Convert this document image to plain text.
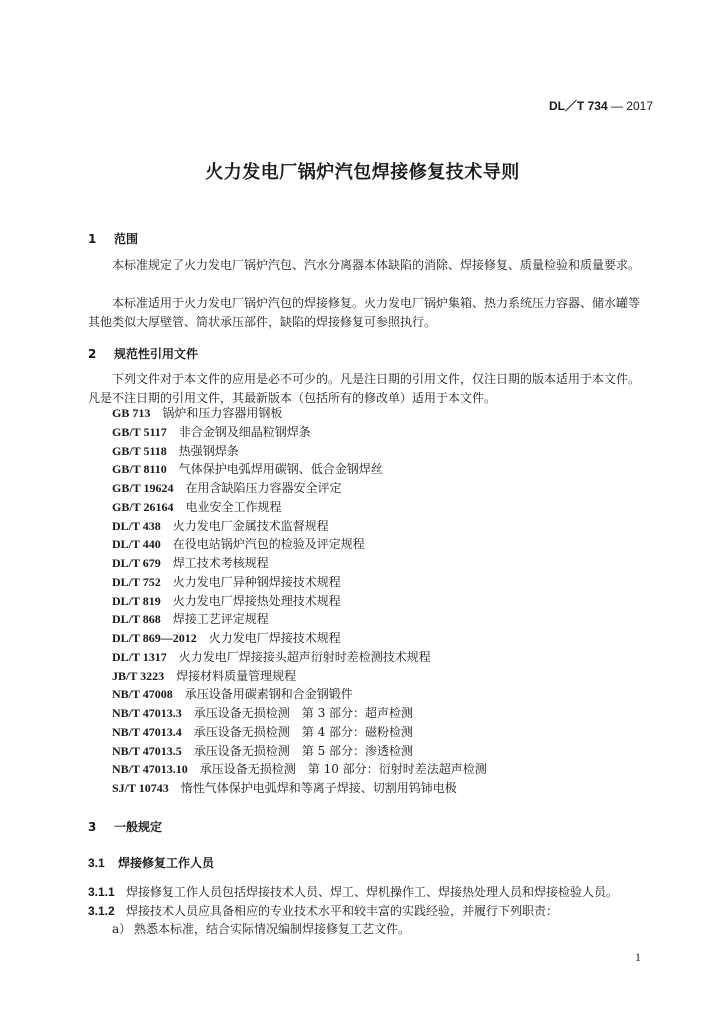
DL／T 734 — 2017
火力发电厂锅炉汽包焊接修复技术导则
1 范围
本标准规定了火力发电厂锅炉汽包、汽水分离器本体缺陷的消除、焊接修复、质量检验和质量要求。
本标准适用于火力发电厂锅炉汽包的焊接修复。火力发电厂锅炉集箱、热力系统压力容器、储水罐等其他类似大厚壁管、筒状承压部件，缺陷的焊接修复可参照执行。
2 规范性引用文件
下列文件对于本文件的应用是必不可少的。凡是注日期的引用文件，仅注日期的版本适用于本文件。凡是不注日期的引用文件，其最新版本（包括所有的修改单）适用于本文件。
GB 713 锅炉和压力容器用钢板
GB/T 5117 非合金钢及细晶粒钢焊条
GB/T 5118 热强钢焊条
GB/T 8110 气体保护电弧焊用碳钢、低合金钢焊丝
GB/T 19624 在用含缺陷压力容器安全评定
GB/T 26164 电业安全工作规程
DL/T 438 火力发电厂金属技术监督规程
DL/T 440 在役电站锅炉汽包的检验及评定规程
DL/T 679 焊工技术考核规程
DL/T 752 火力发电厂异种钢焊接技术规程
DL/T 819 火力发电厂焊接热处理技术规程
DL/T 868 焊接工艺评定规程
DL/T 869—2012 火力发电厂焊接技术规程
DL/T 1317 火力发电厂焊接接头超声衍射时差检测技术规程
JB/T 3223 焊接材料质量管理规程
NB/T 47008 承压设备用碳素钢和合金钢锻件
NB/T 47013.3 承压设备无损检测　第 3 部分：超声检测
NB/T 47013.4 承压设备无损检测　第 4 部分：磁粉检测
NB/T 47013.5 承压设备无损检测　第 5 部分：渗透检测
NB/T 47013.10 承压设备无损检测　第 10 部分：衍射时差法超声检测
SJ/T 10743 惰性气体保护电弧焊和等离子焊接、切割用钨铈电极
3 一般规定
3.1 焊接修复工作人员
3.1.1 焊接修复工作人员包括焊接技术人员、焊工、焊机操作工、焊接热处理人员和焊接检验人员。
3.1.2 焊接技术人员应具备相应的专业技术水平和较丰富的实践经验，并履行下列职责：
a） 熟悉本标准，结合实际情况编制焊接修复工艺文件。
1
